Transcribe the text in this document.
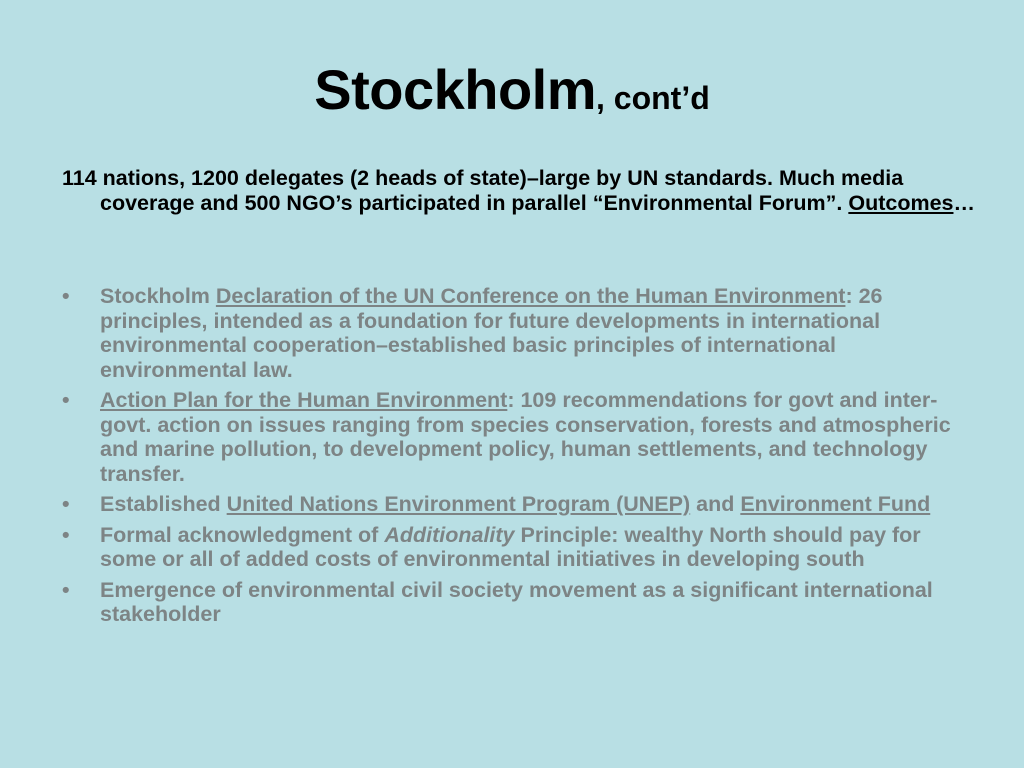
Stockholm, cont’d

114 nations, 1200 delegates (2 heads of state)–large by UN standards. Much media coverage and 500 NGO’s participated in parallel “Environmental Forum”. Outcomes…

• Stockholm Declaration of the UN Conference on the Human Environment: 26 principles, intended as a foundation for future developments in international environmental cooperation–established basic principles of international environmental law.
• Action Plan for the Human Environment: 109 recommendations for govt and inter-govt. action on issues ranging from species conservation, forests and atmospheric and marine pollution, to development policy, human settlements, and technology transfer.
• Established United Nations Environment Program (UNEP) and Environment Fund
• Formal acknowledgment of Additionality Principle: wealthy North should pay for some or all of added costs of environmental initiatives in developing south
• Emergence of environmental civil society movement as a significant international stakeholder
